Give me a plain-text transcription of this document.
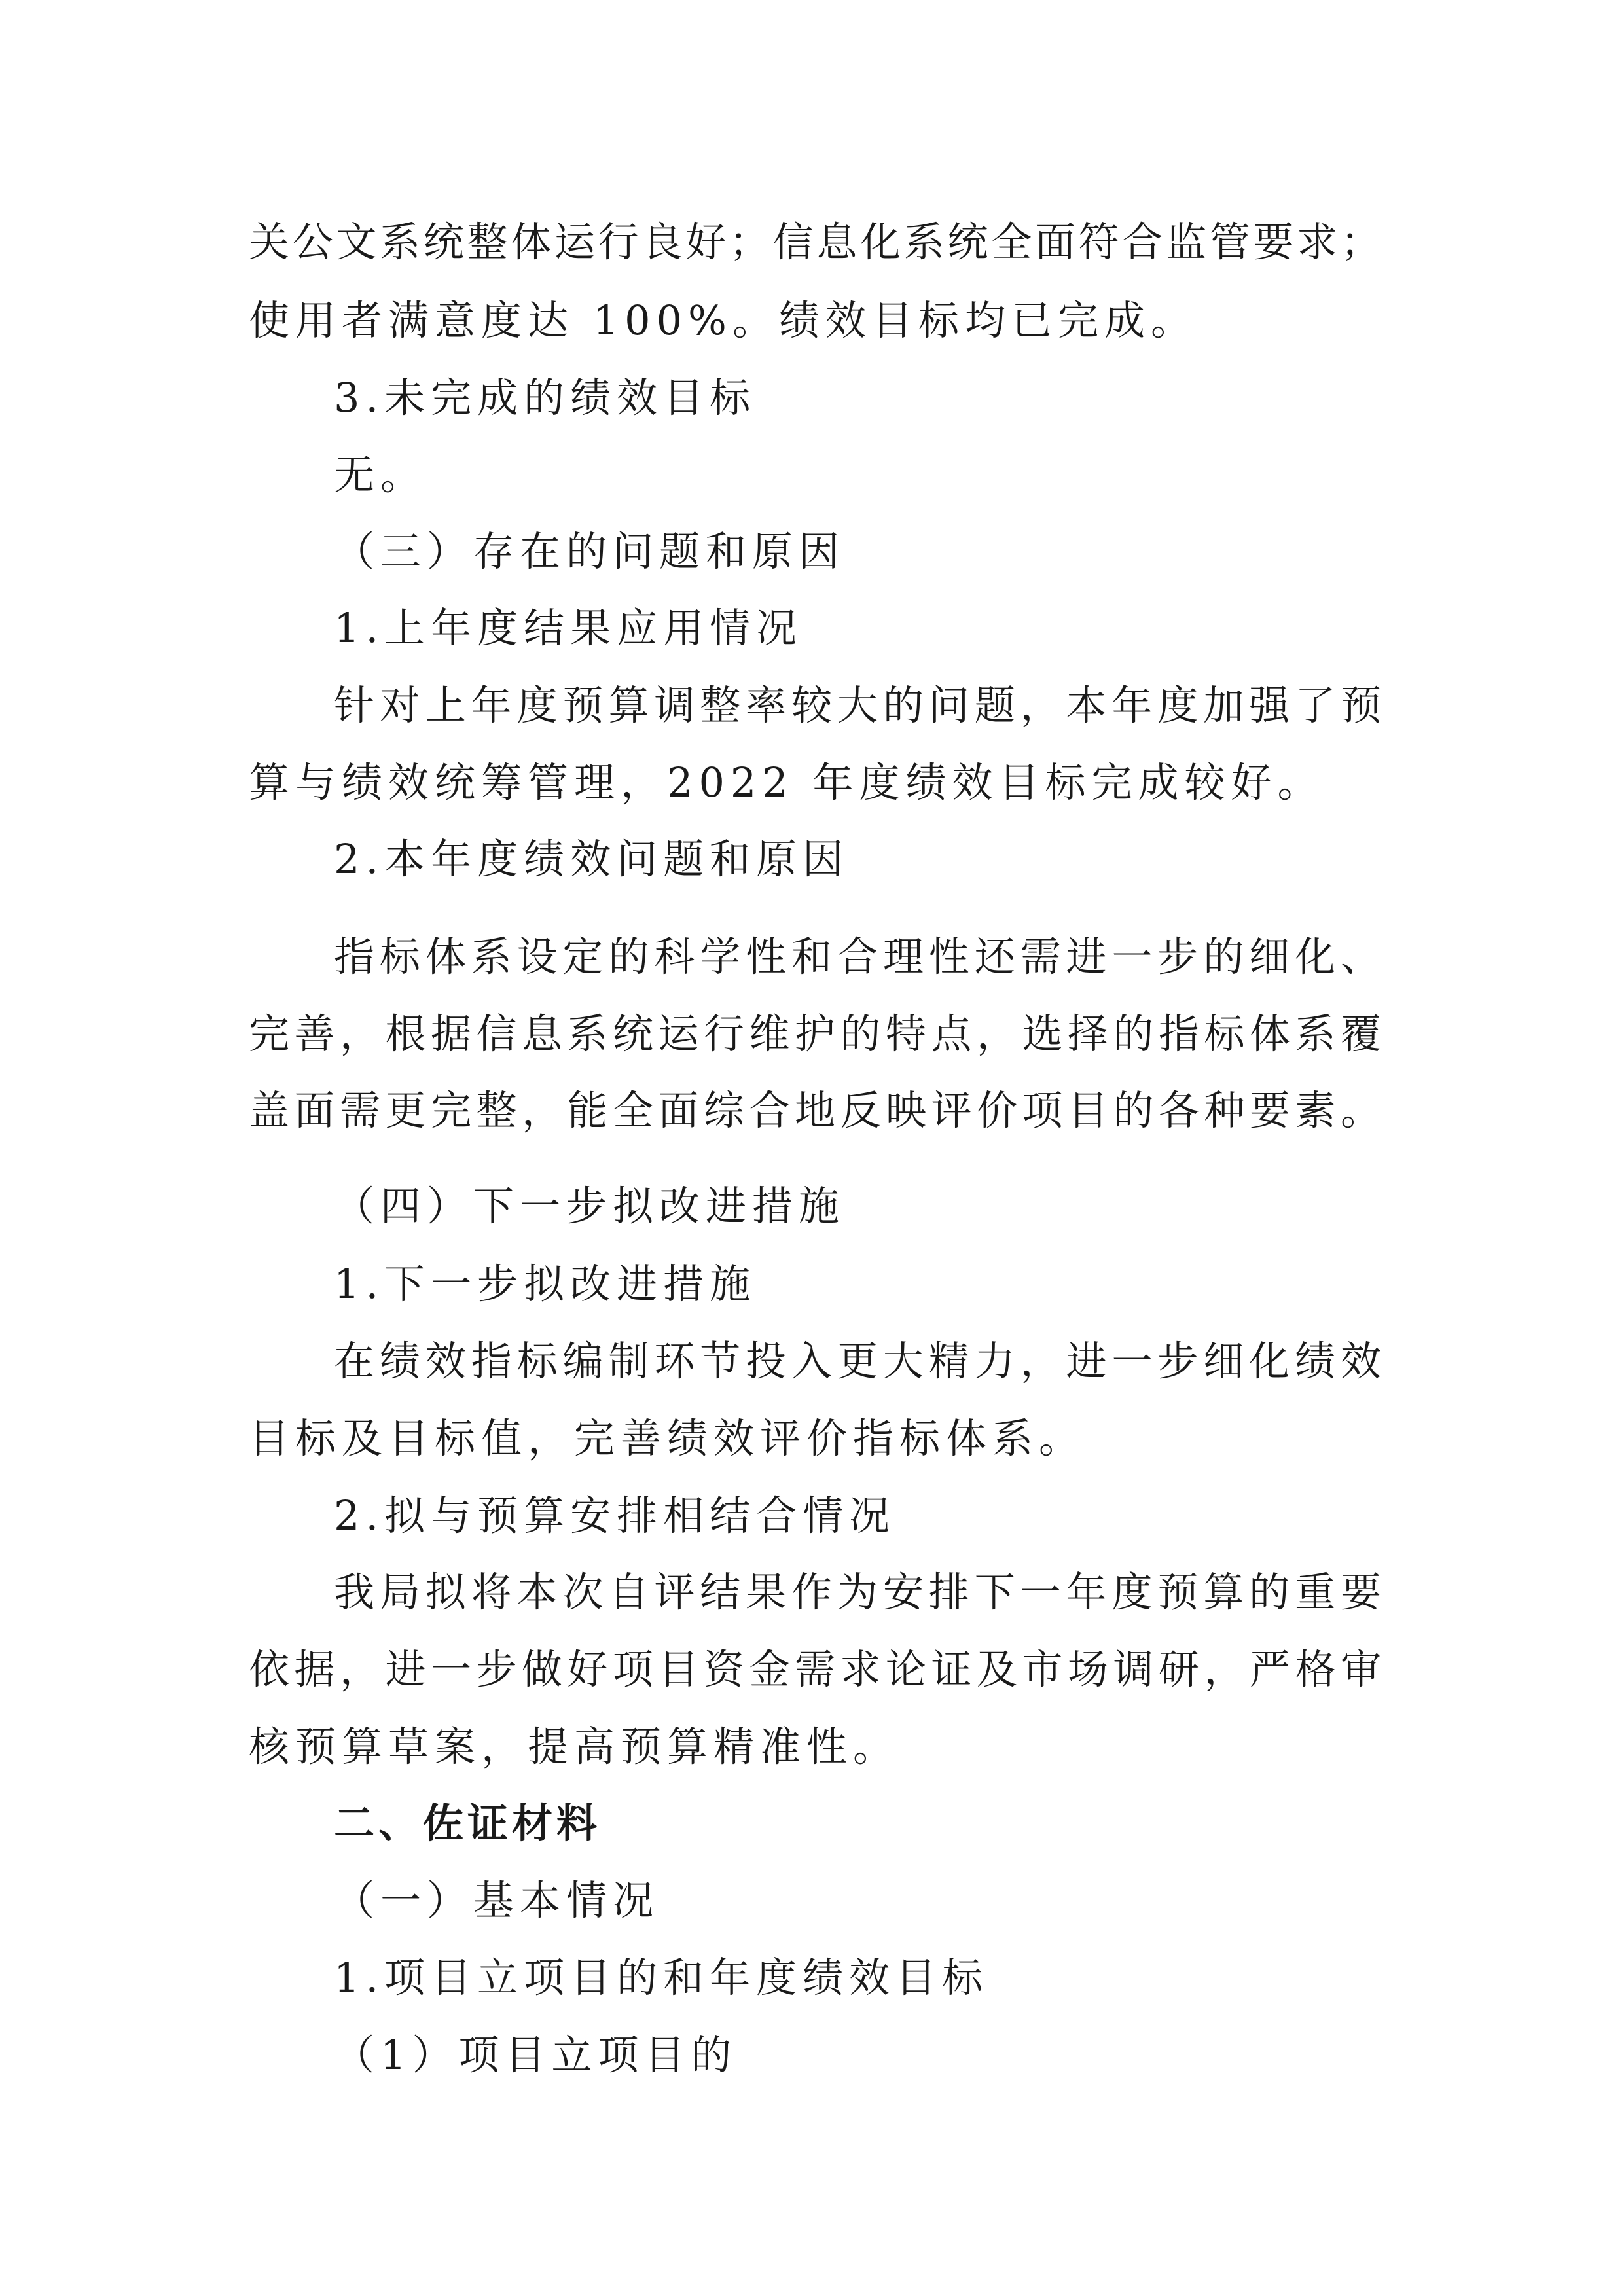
关公文系统整体运行良好；信息化系统全面符合监管要求；
使用者满意度达 100%。绩效目标均已完成。
3.未完成的绩效目标
无。
（三）存在的问题和原因
1.上年度结果应用情况
针对上年度预算调整率较大的问题，本年度加强了预
算与绩效统筹管理，2022 年度绩效目标完成较好。
2.本年度绩效问题和原因
指标体系设定的科学性和合理性还需进一步的细化、
完善，根据信息系统运行维护的特点，选择的指标体系覆
盖面需更完整，能全面综合地反映评价项目的各种要素。
（四）下一步拟改进措施
1.下一步拟改进措施
在绩效指标编制环节投入更大精力，进一步细化绩效
目标及目标值，完善绩效评价指标体系。
2.拟与预算安排相结合情况
我局拟将本次自评结果作为安排下一年度预算的重要
依据，进一步做好项目资金需求论证及市场调研，严格审
核预算草案，提高预算精准性。
二、佐证材料
（一）基本情况
1.项目立项目的和年度绩效目标
（1）项目立项目的
